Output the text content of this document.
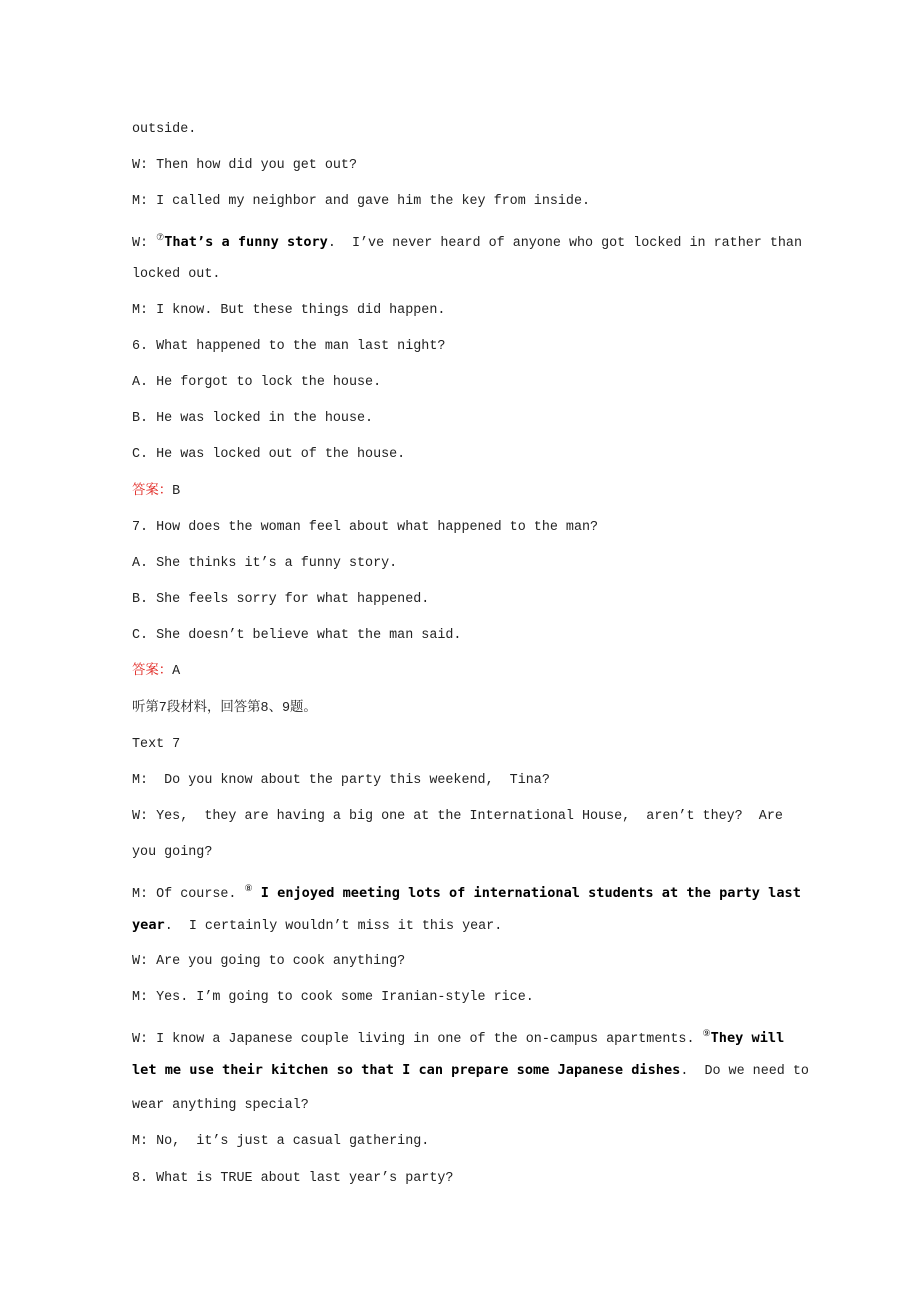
outside.
W: Then how did you get out?
M: I called my neighbor and gave him the key from inside.
W: ⑦That’s a funny story.  I’ve never heard of anyone who got locked in rather than
locked out.
M: I know. But these things did happen.
6. What happened to the man last night?
A. He forgot to lock the house.
B. He was locked in the house.
C. He was locked out of the house.
答案：B
7. How does the woman feel about what happened to the man?
A. She thinks it’s a funny story.
B. She feels sorry for what happened.
C. She doesn’t believe what the man said.
答案：A
听第7段材料，回答第8、9题。
Text 7
M:  Do you know about the party this weekend,  Tina?
W: Yes,  they are having a big one at the International House,  aren’t they?  Are
you going?
M: Of course. ⑧ I enjoyed meeting lots of international students at the party last
year.  I certainly wouldn’t miss it this year.
W: Are you going to cook anything?
M: Yes. I’m going to cook some Iranian-style rice.
W: I know a Japanese couple living in one of the on-campus apartments. ⑨They will
let me use their kitchen so that I can prepare some Japanese dishes.  Do we need to
wear anything special?
M: No,  it’s just a casual gathering.
8. What is TRUE about last year’s party?
